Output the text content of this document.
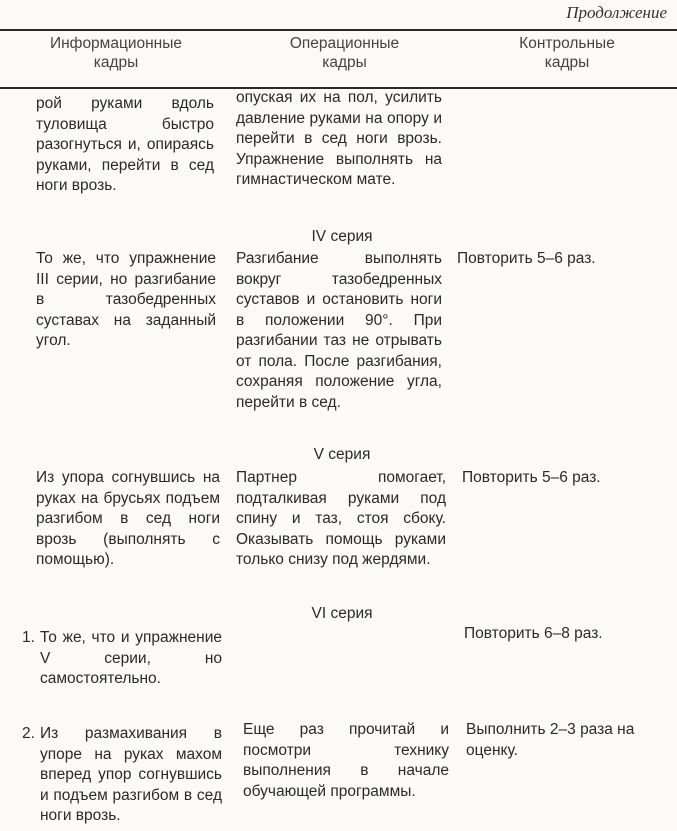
Продолжение
Информационные
кадры
Операционные
кадры
Контрольные
кадры
рой руками вдоль туловища быстро разогнуться и, опираясь руками, перейти в сед ноги врозь.
опуская их на пол, усилить давление руками на опору и перейти в сед ноги врозь. Упражнение выполнять на гимнастическом мате.
IV серия
То же, что упражнение III серии, но разгибание в тазобедренных суставах на заданный угол.
Разгибание выполнять вокруг тазобедренных суставов и остановить ноги в положении 90°. При разгибании таз не отрывать от пола. После разгибания, сохраняя положение угла, перейти в сед.
Повторить 5–6 раз.
V серия
Из упора согнувшись на руках на брусьях подъем разгибом в сед ноги врозь (выполнять с помощью).
Партнер помогает, подталкивая руками под спину и таз, стоя сбоку. Оказывать помощь руками только снизу под жердями.
Повторить 5–6 раз.
VI серия
1. То же, что и упражнение V серии, но самостоятельно.
Повторить 6–8 раз.
2. Из размахивания в упоре на руках махом вперед упор согнувшись и подъем разгибом в сед ноги врозь.
Еще раз прочитай и посмотри технику выполнения в начале обучающей программы.
Выполнить 2–3 раза на оценку.
